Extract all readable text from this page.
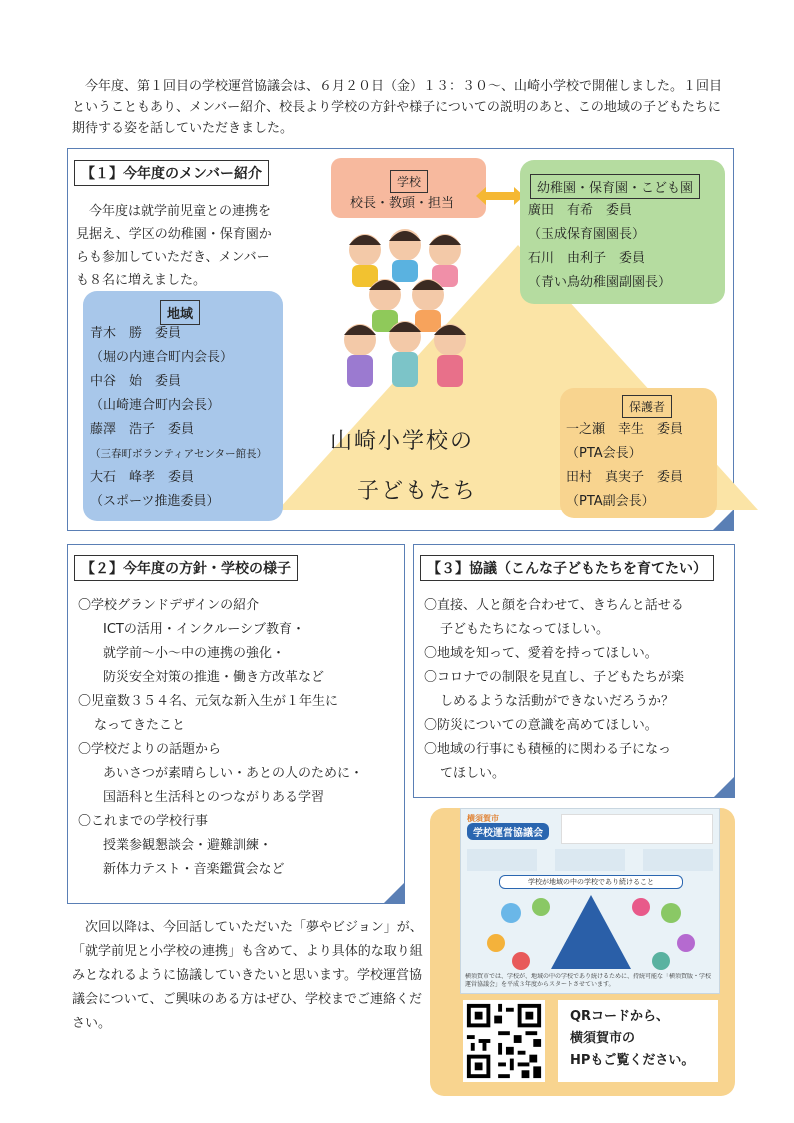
今年度、第１回目の学校運営協議会は、６月２０日（金）１３：３０～、山崎小学校で開催しました。１回目ということもあり、メンバー紹介、校長より学校の方針や様子についての説明のあと、この地域の子どもたちに期待する姿を話していただきました。

【１】今年度のメンバー紹介

今年度は就学前児童との連携を見据え、学区の幼稚園・保育園からも参加していただき、メンバーも８名に増えました。

学校
校長・教頭・担当
幼稚園・保育園・こども園
廣田　有希　委員
（玉成保育園園長）
石川　由利子　委員
（青い鳥幼稚園副園長）
地域
青木　勝　委員
（堀の内連合町内会長）
中谷　始　委員
（山崎連合町内会長）
藤澤　浩子　委員
（三春町ボランティアセンター館長）
大石　峰孝　委員
（スポーツ推進委員）
山崎小学校の
子どもたち
保護者
一之瀬　幸生　委員
（PTA会長）
田村　真実子　委員
（PTA副会長）
【２】今年度の方針・学校の様子
〇学校グランドデザインの紹介
　ICTの活用・インクルーシブ教育・
　就学前～小～中の連携の強化・
　防災安全対策の推進・働き方改革など
〇児童数３５４名、元気な新入生が１年生に
なってきたこと
〇学校だよりの話題から
　あいさつが素晴らしい・あとの人のために・
　国語科と生活科とのつながりある学習
〇これまでの学校行事
　授業参観懇談会・避難訓練・
　新体力テスト・音楽鑑賞会など
【３】協議（こんな子どもたちを育てたい）
〇直接、人と顔を合わせて、きちんと話せる
子どもたちになってほしい。
〇地域を知って、愛着を持ってほしい。
〇コロナでの制限を見直し、子どもたちが楽
しめるような活動ができないだろうか？
〇防災についての意識を高めてほしい。
〇地域の行事にも積極的に関わる子になっ
てほしい。

次回以降は、今回話していただいた「夢やビジョン」が、「就学前児と小学校の連携」も含めて、より具体的な取り組みとなれるように協議していきたいと思います。学校運営協議会について、ご興味のある方はぜひ、学校までご連絡ください。

横須賀市
学校運営協議会
学校が地域の中の学校であり続けること
横須賀市では、学校が、地域の中の学校であり続けるために、持続可能な「横須賀版・学校運営協議会」を平成３年度からスタートさせています。
QRコードから、
横須賀市の
HPもご覧ください。
